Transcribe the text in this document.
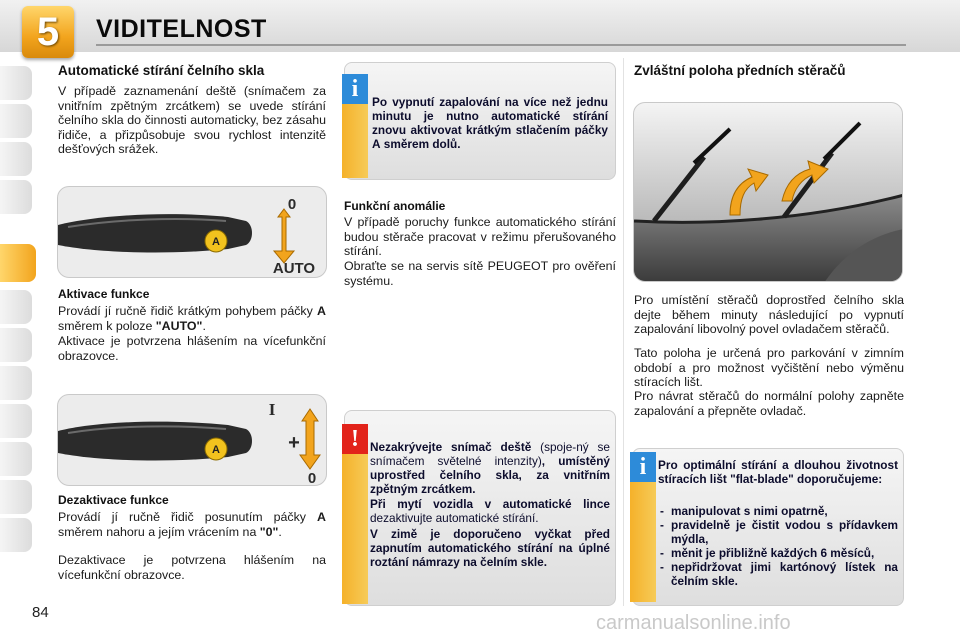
5	VIDITELNOST
Automatické stírání čelního skla
V případě zaznamenání deště (snímačem za vnitřním zpětným zrcátkem) se uvede stírání čelního skla do činnosti automaticky, bez zásahu řidiče, a přizpůsobuje svou rychlost intenzitě dešťových srážek.
A
0
AUTO
Aktivace funkce
Provádí jí ručně řidič krátkým pohybem páčky A směrem k poloze "AUTO".
Aktivace je potvrzena hlášením na vícefunkční obrazovce.
A
I
+
0
Dezaktivace funkce
Provádí jí ručně řidič posunutím páčky A směrem nahoru a jejím vrácením na "0".
Dezaktivace je potvrzena hlášením na vícefunkční obrazovce.
i	Po vypnutí zapalování na více než jednu minutu je nutno automatické stírání znovu aktivovat krátkým stlačením páčky A směrem dolů.
Funkční anomálie
V případě poruchy funkce automatického stírání budou stěrače pracovat v režimu přerušovaného stírání.
Obraťte se na servis sítě PEUGEOT pro ověření systému.
! Nezakrývejte snímač deště (spoje-ný se snímačem světelné intenzity), umístěný uprostřed čelního skla, za vnitřním zpětným zrcátkem.
Při mytí vozidla v automatické lince dezaktivujte automatické stírání.
V zimě je doporučeno vyčkat před zapnutím automatického stírání na úplné roztání námrazy na čelním skle.
Zvláštní poloha předních stěračů
Pro umístění stěračů doprostřed čelního skla dejte během minuty následující po vypnutí zapalování libovolný povel ovladačem stěračů.
Tato poloha je určená pro parkování v zimním období a pro možnost vyčištění nebo výměnu stíracích lišt.
Pro návrat stěračů do normální polohy zapněte zapalování a přepněte ovladač.
i Pro optimální stírání a dlouhou životnost stíracích lišt "flat-blade" doporučujeme:
- manipulovat s nimi opatrně,
- pravidelně je čistit vodou s přídavkem mýdla,
- měnit je přibližně každých 6 měsíců,
- nepřidržovat jimi kartónový lístek na čelním skle.
84	carmanualsonline.info
